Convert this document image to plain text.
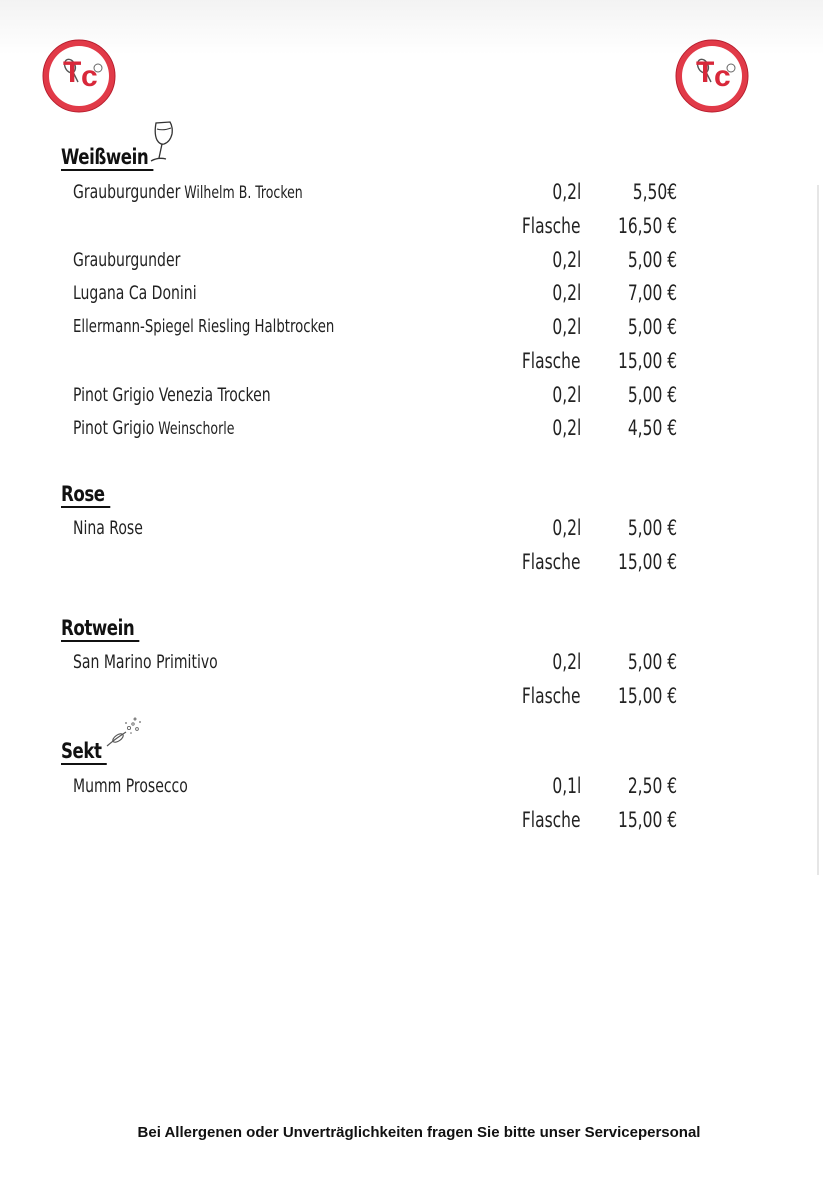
T c
EINTRACHT-DUISBURG	T c
EINTRACHT-DUISBURG
Weißwein
Grauburgunder Wilhelm B. Trocken	0,2l 5,50€
Flasche 16,50 €
Grauburgunder	0,2l 5,00 €
Lugana Ca Donini	0,2l 7,00 €
Ellermann-Spiegel Riesling Halbtrocken	0,2l 5,00 €
Flasche 15,00 €
Pinot Grigio Venezia Trocken	0,2l 5,00 €
Pinot Grigio Weinschorle	0,2l 4,50 €
Rose
Nina Rose	0,2l 5,00 €
Flasche 15,00 €
Rotwein
San Marino Primitivo	0,2l 5,00 €
Flasche 15,00 €
Sekt
Mumm Prosecco	0,1l 2,50 €
Flasche 15,00 €
Bei Allergenen oder Unverträglichkeiten fragen Sie bitte unser Servicepersonal
